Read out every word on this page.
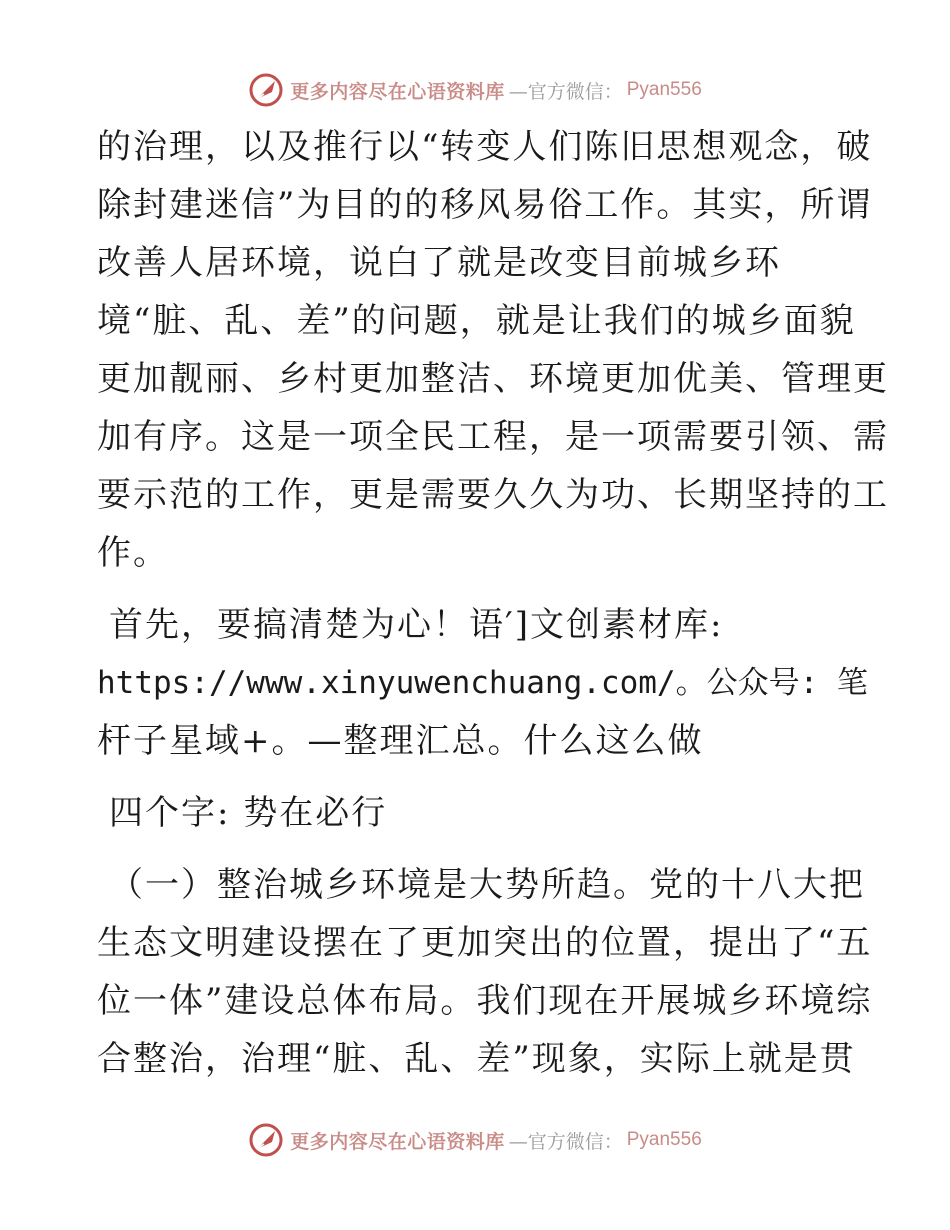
更多内容尽在心语资料库 —官方微信： Pyan556
的治理，以及推行以“转变人们陈旧思想观念，破
除封建迷信”为目的的移风易俗工作。其实，所谓
改善人居环境，说白了就是改变目前城乡环
境“脏、乱、差”的问题，就是让我们的城乡面貌
更加靓丽、乡村更加整洁、环境更加优美、管理更
加有序。这是一项全民工程，是一项需要引领、需
要示范的工作，更是需要久久为功、长期坚持的工
作。
首先，要搞清楚为心！语′]文创素材库:
https://www.xinyuwenchuang.com/。公众号: 笔
杆子星域+。—整理汇总。什么这么做
四个字: 势在必行
（一）整治城乡环境是大势所趋。党的十八大把
生态文明建设摆在了更加突出的位置，提出了“五
位一体”建设总体布局。我们现在开展城乡环境综
合整治，治理“脏、乱、差”现象，实际上就是贯
更多内容尽在心语资料库 —官方微信： Pyan556
